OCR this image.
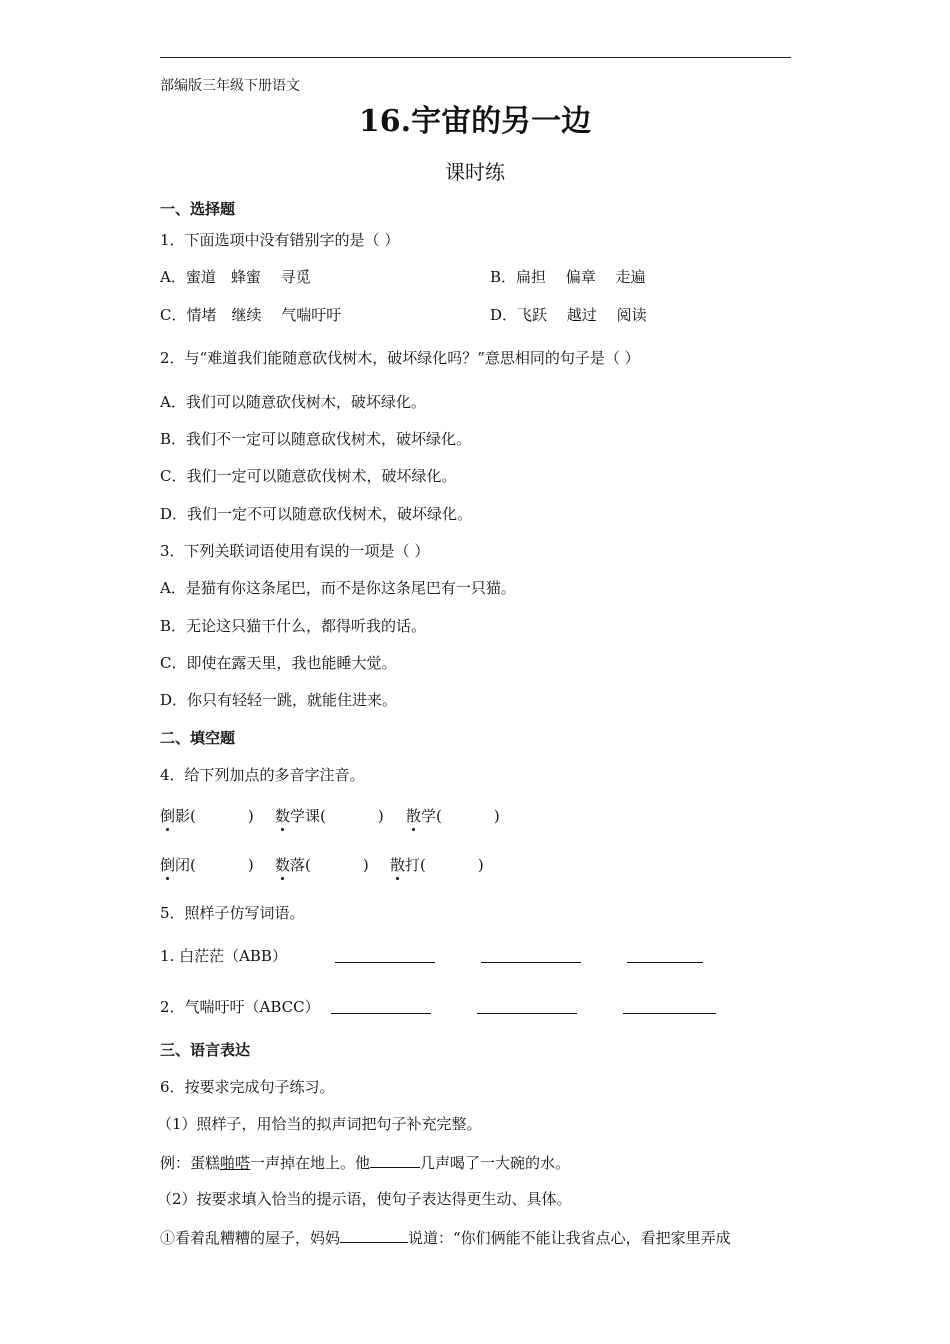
部编版三年级下册语文
16.宇宙的另一边
课时练
一、选择题
1．下面选项中没有错别字的是（ ）
A．蜜道　蜂蜜　 寻觅	B．扁担　 偏章　 走遍
C．情堵　继续　 气喘吁吁	D．飞跃　 越过　 阅读
2．与“难道我们能随意砍伐树木，破坏绿化吗？”意思相同的句子是（ ）
A．我们可以随意砍伐树木，破坏绿化。
B．我们不一定可以随意砍伐树术，破坏绿化。
C．我们一定可以随意砍伐树术，破坏绿化。
D．我们一定不可以随意砍伐树术，破坏绿化。
3．下列关联词语使用有误的一项是（ ）
A．是猫有你这条尾巴，而不是你这条尾巴有一只猫。
B．无论这只猫干什么，都得听我的话。
C．即使在露天里，我也能睡大觉。
D．你只有轻轻一跳，就能住进来。
二、填空题
4．给下列加点的多音字注音。
倒影(	) 数学课(	) 散学(	)
倒闭(	) 数落(	) 散打(	)
5．照样子仿写词语。
1. 白茫茫（ABB）
2．气喘吁吁（ABCC）
三、语言表达
6．按要求完成句子练习。
（1）照样子，用恰当的拟声词把句子补充完整。
例：蛋糕啪嗒一声掉在地上。他	几声喝了一大碗的水。
（2）按要求填入恰当的提示语，使句子表达得更生动、具体。
①看着乱糟糟的屋子，妈妈	说道：“你们俩能不能让我省点心，看把家里弄成
